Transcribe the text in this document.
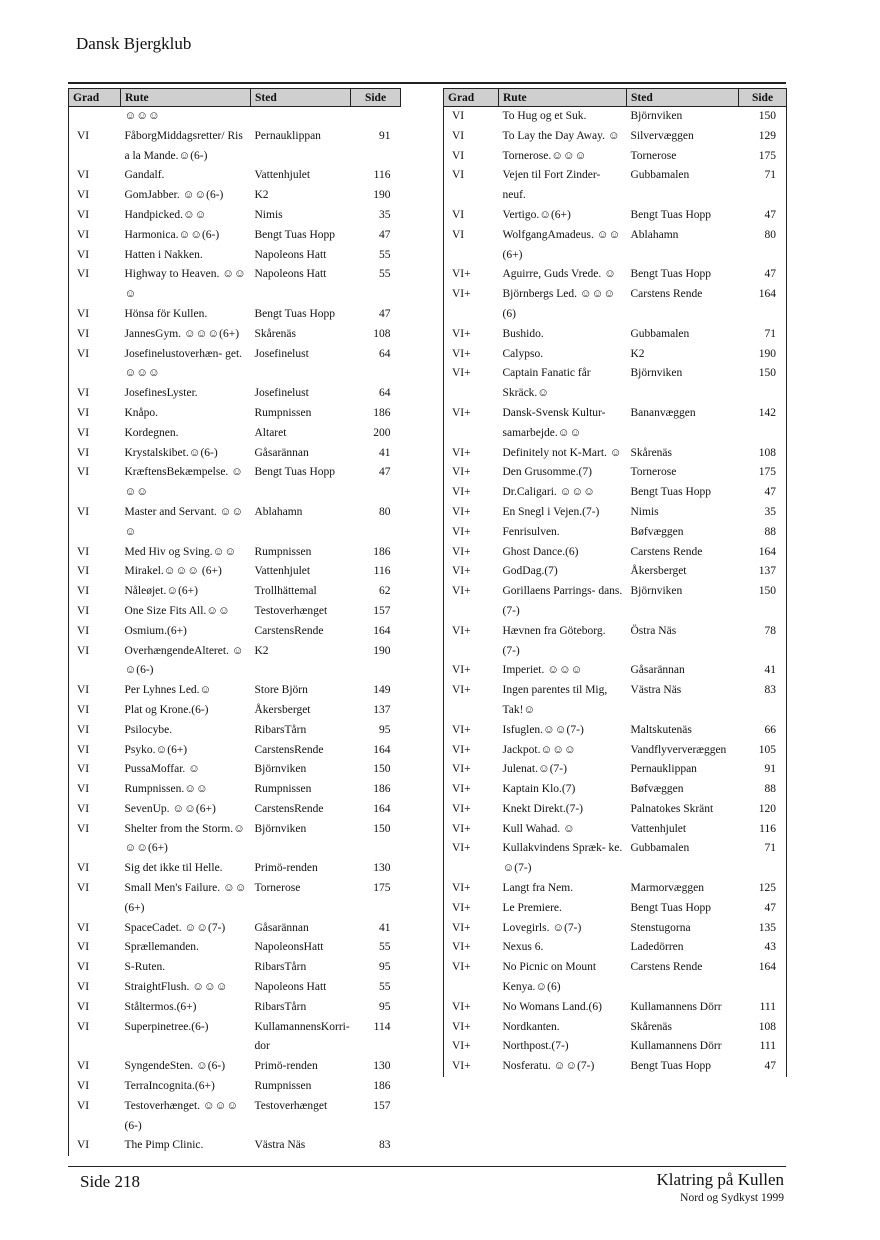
Dansk Bjergklub
Grad	Rute	Sted	Side
	☺☺☺		
VI	FåborgMiddagsretter/ Ris a la Mande.☺(6-)	Pernauklippan	91
VI	Gandalf.	Vattenhjulet	116
VI	GomJabber. ☺☺(6-)	K2	190
VI	Handpicked.☺☺	Nimis	35
VI	Harmonica.☺☺(6-)	Bengt Tuas Hopp	47
VI	Hatten i Nakken.	Napoleons Hatt	55
VI	Highway to Heaven. ☺☺☺	Napoleons Hatt	55
VI	Hönsa för Kullen.	Bengt Tuas Hopp	47
VI	JannesGym. ☺☺☺(6+)	Skårenäs	108
VI	Josefinelustoverhæn- get.☺☺☺	Josefinelust	64
VI	JosefinesLyster.	Josefinelust	64
VI	Knåpo.	Rumpnissen	186
VI	Kordegnen.	Altaret	200
VI	Krystalskibet.☺(6-)	Gåsarännan	41
VI	KræftensBekæmpelse. ☺☺☺	Bengt Tuas Hopp	47
VI	Master and Servant. ☺☺☺	Ablahamn	80
VI	Med Hiv og Sving.☺☺	Rumpnissen	186
VI	Mirakel.☺☺☺ (6+)	Vattenhjulet	116
VI	Nåleøjet.☺(6+)	Trollhättemal	62
VI	One Size Fits All.☺☺	Testoverhænget	157
VI	Osmium.(6+)	CarstensRende	164
VI	OverhængendeAlteret. ☺☺(6-)	K2	190
VI	Per Lyhnes Led.☺	Store Björn	149
VI	Plat og Krone.(6-)	Åkersberget	137
VI	Psilocybe.	RibarsTårn	95
VI	Psyko.☺(6+)	CarstensRende	164
VI	PussaMoffar. ☺	Björnviken	150
VI	Rumpnissen.☺☺	Rumpnissen	186
VI	SevenUp. ☺☺(6+)	CarstensRende	164
VI	Shelter from the Storm.☺☺☺(6+)	Björnviken	150
VI	Sig det ikke til Helle.	Primö-renden	130
VI	Small Men's Failure. ☺☺(6+)	Tornerose	175
VI	SpaceCadet. ☺☺(7-)	Gåsarännan	41
VI	Sprællemanden.	NapoleonsHatt	55
VI	S-Ruten.	RibarsTårn	95
VI	StraightFlush. ☺☺☺	Napoleons Hatt	55
VI	Ståltermos.(6+)	RibarsTårn	95
VI	Superpinetree.(6-)	KullamannensKorri- dor	114
VI	SyngendeSten. ☺(6-)	Primö-renden	130
VI	TerraIncognita.(6+)	Rumpnissen	186
VI	Testoverhænget. ☺☺☺(6-)	Testoverhænget	157
VI	The Pimp Clinic.	Västra Näs	83
Grad	Rute	Sted	Side
VI	To Hug og et Suk.	Björnviken	150
VI	To Lay the Day Away. ☺	Silvervæggen	129
VI	Tornerose.☺☺☺	Tornerose	175
VI	Vejen til Fort Zinder- neuf.	Gubbamalen	71
VI	Vertigo.☺(6+)	Bengt Tuas Hopp	47
VI	WolfgangAmadeus. ☺☺(6+)	Ablahamn	80
VI+	Aguirre, Guds Vrede. ☺	Bengt Tuas Hopp	47
VI+	Björnbergs Led. ☺☺☺(6)	Carstens Rende	164
VI+	Bushido.	Gubbamalen	71
VI+	Calypso.	K2	190
VI+	Captain Fanatic får Skräck.☺	Björnviken	150
VI+	Dansk-Svensk Kultur- samarbejde.☺☺	Bananvæggen	142
VI+	Definitely not K-Mart. ☺	Skårenäs	108
VI+	Den Grusomme.(7)	Tornerose	175
VI+	Dr.Caligari. ☺☺☺	Bengt Tuas Hopp	47
VI+	En Snegl i Vejen.(7-)	Nimis	35
VI+	Fenrisulven.	Bøfvæggen	88
VI+	Ghost Dance.(6)	Carstens Rende	164
VI+	GodDag.(7)	Åkersberget	137
VI+	Gorillaens Parrings- dans.(7-)	Björnviken	150
VI+	Hævnen fra Göteborg. (7-)	Östra Näs	78
VI+	Imperiet. ☺☺☺	Gåsarännan	41
VI+	Ingen parentes til Mig, Tak!☺	Västra Näs	83
VI+	Isfuglen.☺☺(7-)	Maltskutenäs	66
VI+	Jackpot.☺☺☺	Vandflyververæggen	105
VI+	Julenat.☺(7-)	Pernauklippan	91
VI+	Kaptain Klo.(7)	Bøfvæggen	88
VI+	Knekt Direkt.(7-)	Palnatokes Skränt	120
VI+	Kull Wahad. ☺	Vattenhjulet	116
VI+	Kullakvindens Spræk- ke.☺(7-)	Gubbamalen	71
VI+	Langt fra Nem.	Marmorvæggen	125
VI+	Le Premiere.	Bengt Tuas Hopp	47
VI+	Lovegirls. ☺(7-)	Stenstugorna	135
VI+	Nexus 6.	Ladedörren	43
VI+	No Picnic on Mount Kenya.☺(6)	Carstens Rende	164
VI+	No Womans Land.(6)	Kullamannens Dörr	111
VI+	Nordkanten.	Skårenäs	108
VI+	Northpost.(7-)	Kullamannens Dörr	111
VI+	Nosferatu. ☺☺(7-)	Bengt Tuas Hopp	47
Side 218	Klatring på Kullen
Nord og Sydkyst 1999
